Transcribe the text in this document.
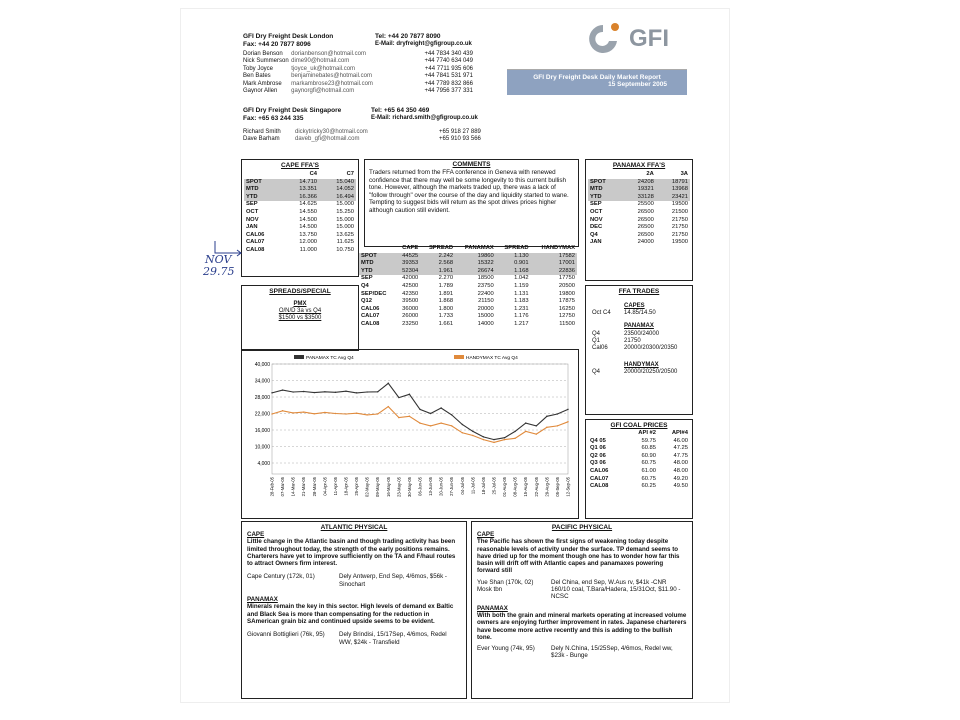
GFI Dry Freight Desk London
Fax: +44 20 7877 8096
Tel: +44 20 7877 8090
E-Mail: dryfreight@gfigroup.co.uk
Dorian Benson	dorianbenson@hotmail.com	+44 7834 340 439
Nick Summerson dime90@hotmail.com	+44 7740 634 049
Toby Joyce	tjoyce_uk@hotmail.com	+44 7711 935 606
Ben Bates	benjaminebates@hotmail.com	+44 7841 531 971
Mark Ambrose	markambrose23@hotmail.com	+44 7789 832 866
Gaynor Allen	gaynorgfi@hotmail.com	+44 7956 377 331
GFI Dry Freight Desk Singapore
Fax: +65 63 244 335
Tel: +65 64 350 469
E-Mail: richard.smith@gfigroup.co.uk
Richard Smith	dickytricky30@hotmail.com	+65 918 27 889
Dave Barham	daveb_gfi@hotmail.com	+65 910 93 566
GFI
GFI Dry Freight Desk Daily Market Report
15 September 2005
CAPE FFA'S
	C4	C7
SPOT	14.710	15.040
MTD	13.351	14.052
YTD	16.366	16.494
SEP	14.625	15.000
OCT	14.550	15.250
NOV	14.500	15.000
JAN	14.500	15.000
CAL06	13.750	13.625
CAL07	12.000	11.625
CAL08	11.000	10.750
NOV
29.75
COMMENTS
Traders returned from the FFA conference in Geneva with renewed confidence that there may well be some longevity to this current bullish tone. However, although the markets traded up, there was a lack of "follow through" over the course of the day and liquidity started to wane. Tempting to suggest bids will return as the spot drives prices higher although caution still evident.
PANAMAX FFA'S
	2A	3A
SPOT	24208	18791
MTD	19321	13968
YTD	33128	23421
SEP	25500	19500
OCT	26500	21500
NOV	26500	21750
DEC	26500	21750
Q4	26500	21750
JAN	24000	19500
	CAPE	SPREAD	PANAMAX	SPREAD	HANDYMAX
SPOT	44525	2.242	19860	1.130	17582
MTD	39353	2.568	15322	0.901	17001
YTD	52304	1.961	26674	1.168	22836
SEP	42000	2.270	18500	1.042	17750
Q4	42500	1.789	23750	1.159	20500
SEP/DEC	42350	1.891	22400	1.131	19800
Q12	39500	1.868	21150	1.183	17875
CAL06	36000	1.800	20000	1.231	16250
CAL07	26000	1.733	15000	1.176	12750
CAL08	23250	1.661	14000	1.217	11500
SPREADS/SPECIAL
PMX
O/N/D 3a vs Q4
$1500 vs $3500
FFA TRADES
CAPES
Oct C4	14.85/14.50
PANAMAX
Q4	23500/24000
Q1	21750
Cal06	20000/20300/20350
HANDYMAX
Q4	20000/20250/20500
GFI COAL PRICES
	API #2	API#4
Q4 05	59.75	46.00
Q1 06	60.85	47.25
Q2 06	60.90	47.75
Q3 06	60.75	48.00
CAL06	61.00	48.00
CAL07	60.75	49.20
CAL08	60.25	49.50
40,000
34,000
28,000
22,000
16,000
10,000
4,000
28-Feb-05 07-Mar-05 14-Mar-05 21-Mar-05 28-Mar-05 04-Apr-05 11-Apr-05 18-Apr-05 25-Apr-05 02-May-05 09-May-05 16-May-05 23-May-05 30-May-05 06-Jun-05 13-Jun-05 20-Jun-05 27-Jun-05 04-Jul-05 11-Jul-05 18-Jul-05 25-Jul-05 01-Aug-05 08-Aug-05 15-Aug-05 22-Aug-05 29-Aug-05 05-Sep-05 12-Sep-05
PANAMAX TC Avg Q4	HANDYMAX TC Avg Q4
ATLANTIC PHYSICAL
CAPE
Little change in the Atlantic basin and though trading activity has been limited throughout today, the strength of the early positions remains. Charterers have yet to improve sufficiently on the TA and F/haul routes to attract Owners firm interest.
Cape Century (172k, 01)	Dely Antwerp, End Sep, 4/6mos, $56k -Sinochart
PANAMAX
Minerals remain the key in this sector. High levels of demand ex Baltic and Black Sea is more than compensating for the reduction in SAmerican grain biz and continued upside seems to be evident.
Giovanni Bottiglieri (76k, 95)	Dely Brindisi, 15/17Sep, 4/6mos, Redel WW, $24k - Transfield
PACIFIC PHYSICAL
CAPE
The Pacific has shown the first signs of weakening today despite reasonable levels of activity under the surface. TP demand seems to have dried up for the moment though one has to wonder how far this basin will drift off with Atlantic capes and panamaxes powering forward still
Yue Shan (170k, 02)	Del China, end Sep, W.Aus rv, $41k -CNR
Mosk tbn	160/10 coal, T.Bara/Hadera, 15/31Oct, $11.90 -NCSC
PANAMAX
With both the grain and mineral markets operating at increased volume owners are enjoying further improvement in rates. Japanese charterers have become more active recently and this is adding to the bullish tone.
Ever Young (74k, 95)	Dely N.China, 15/25Sep, 4/6mos, Redel ww, $23k - Bunge
